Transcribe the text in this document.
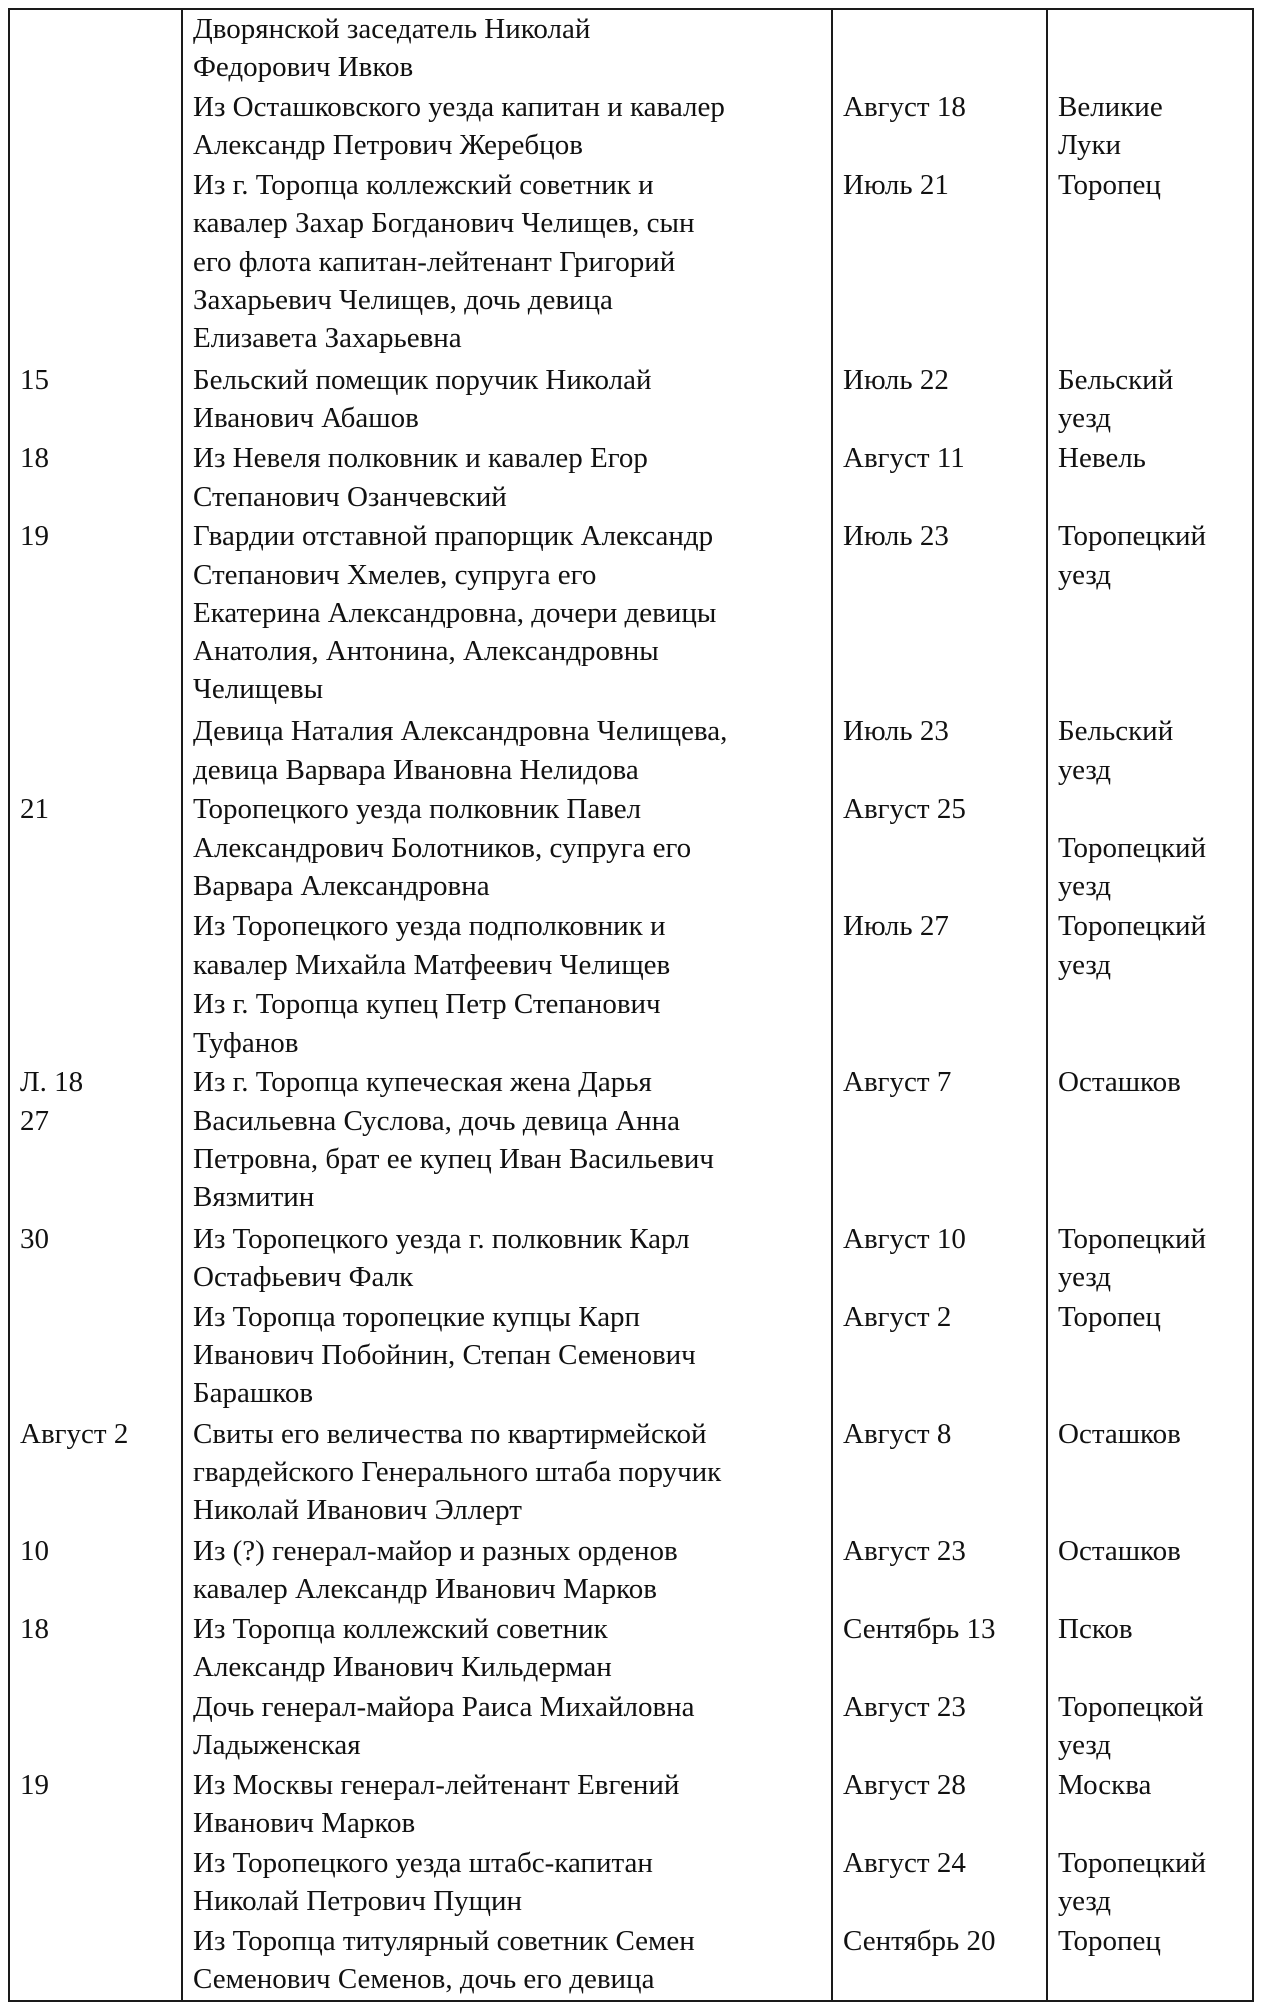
	Дворянской заседатель Николай
Федорович Ивков		

	Из Осташковского уезда капитан и кавалер
Александр Петрович Жеребцов	Август 18	Великие
Луки

	Из г. Торопца коллежский советник и
кавалер Захар Богданович Челищев, сын
его флота капитан-лейтенант Григорий
Захарьевич Челищев, дочь девица
Елизавета Захарьевна	Июль 21	Торопец

15	Бельский помещик поручик Николай
Иванович Абашов	Июль 22	Бельский
уезд

18	Из Невеля полковник и кавалер Егор
Степанович Озанчевский	Август 11	Невель

19	Гвардии отставной прапорщик Александр
Степанович Хмелев, супруга его
Екатерина Александровна, дочери девицы
Анатолия, Антонина, Александровны
Челищевы	Июль 23	Торопецкий
уезд

	Девица Наталия Александровна Челищева,
девица Варвара Ивановна Нелидова	Июль 23	Бельский
уезд

21	Торопецкого уезда полковник Павел
Александрович Болотников, супруга его
Варвара Александровна	Август 25	
Торопецкий
уезд

	Из Торопецкого уезда подполковник и
кавалер Михайла Матфеевич Челищев	Июль 27	Торопецкий
уезд

	Из г. Торопца купец Петр Степанович
Туфанов		

Л. 18
27	Из г. Торопца купеческая жена Дарья
Васильевна Суслова, дочь девица Анна
Петровна, брат ее купец Иван Васильевич
Вязмитин	Август 7	Осташков

30	Из Торопецкого уезда г. полковник Карл
Остафьевич Фалк	Август 10	Торопецкий
уезд

	Из Торопца торопецкие купцы Карп
Иванович Побойнин, Степан Семенович
Барашков	Август 2	Торопец

Август 2	Свиты его величества по квартирмейской
гвардейского Генерального штаба поручик
Николай Иванович Эллерт	Август 8	Осташков

10	Из (?) генерал-майор и разных орденов
кавалер Александр Иванович Марков	Август 23	Осташков

18	Из Торопца коллежский советник
Александр Иванович Кильдерман	Сентябрь 13	Псков

	Дочь генерал-майора Раиса Михайловна
Ладыженская	Август 23	Торопецкой
уезд

19	Из Москвы генерал-лейтенант Евгений
Иванович Марков	Август 28	Москва

	Из Торопецкого уезда штабс-капитан
Николай Петрович Пущин	Август 24	Торопецкий
уезд

	Из Торопца титулярный советник Семен
Семенович Семенов, дочь его девица	Сентябрь 20	Торопец
